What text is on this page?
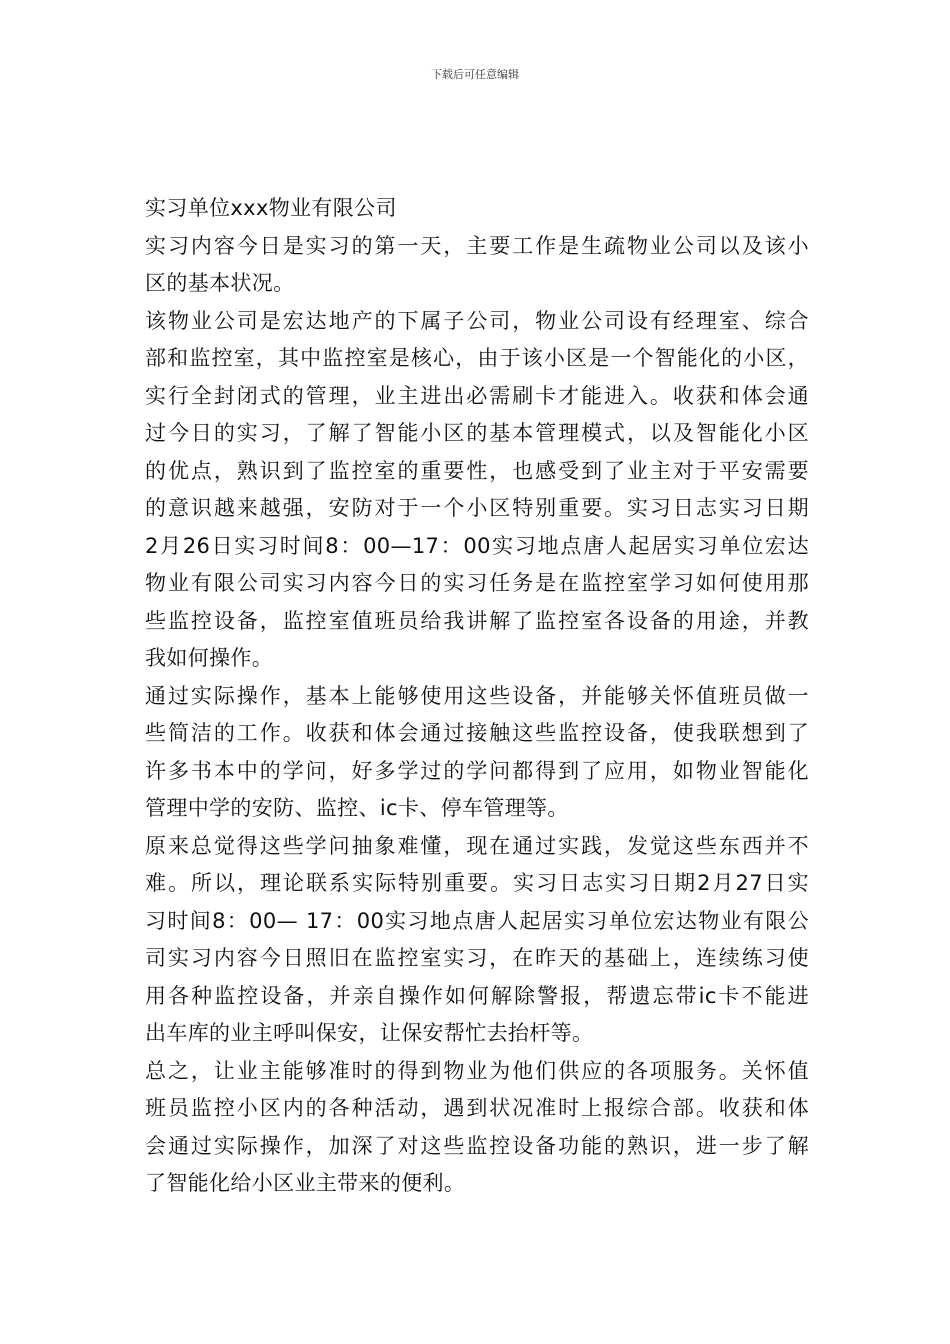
下载后可任意编辑
实习单位xxx物业有限公司
实习内容今日是实习的第一天，主要工作是生疏物业公司以及该小
区的基本状况。
该物业公司是宏达地产的下属子公司，物业公司设有经理室、综合
部和监控室，其中监控室是核心，由于该小区是一个智能化的小区，
实行全封闭式的管理，业主进出必需刷卡才能进入。收获和体会通
过今日的实习，了解了智能小区的基本管理模式，以及智能化小区
的优点，熟识到了监控室的重要性，也感受到了业主对于平安需要
的意识越来越强，安防对于一个小区特别重要。实习日志实习日期
2月26日实习时间8：00—17：00实习地点唐人起居实习单位宏达
物业有限公司实习内容今日的实习任务是在监控室学习如何使用那
些监控设备，监控室值班员给我讲解了监控室各设备的用途，并教
我如何操作。
通过实际操作，基本上能够使用这些设备，并能够关怀值班员做一
些简洁的工作。收获和体会通过接触这些监控设备，使我联想到了
许多书本中的学问，好多学过的学问都得到了应用，如物业智能化
管理中学的安防、监控、ic卡、停车管理等。
原来总觉得这些学问抽象难懂，现在通过实践，发觉这些东西并不
难。所以，理论联系实际特别重要。实习日志实习日期2月27日实
习时间8：00— 17：00实习地点唐人起居实习单位宏达物业有限公
司实习内容今日照旧在监控室实习，在昨天的基础上，连续练习使
用各种监控设备，并亲自操作如何解除警报，帮遗忘带ic卡不能进
出车库的业主呼叫保安，让保安帮忙去抬杆等。
总之，让业主能够准时的得到物业为他们供应的各项服务。关怀值
班员监控小区内的各种活动，遇到状况准时上报综合部。收获和体
会通过实际操作，加深了对这些监控设备功能的熟识，进一步了解
了智能化给小区业主带来的便利。
